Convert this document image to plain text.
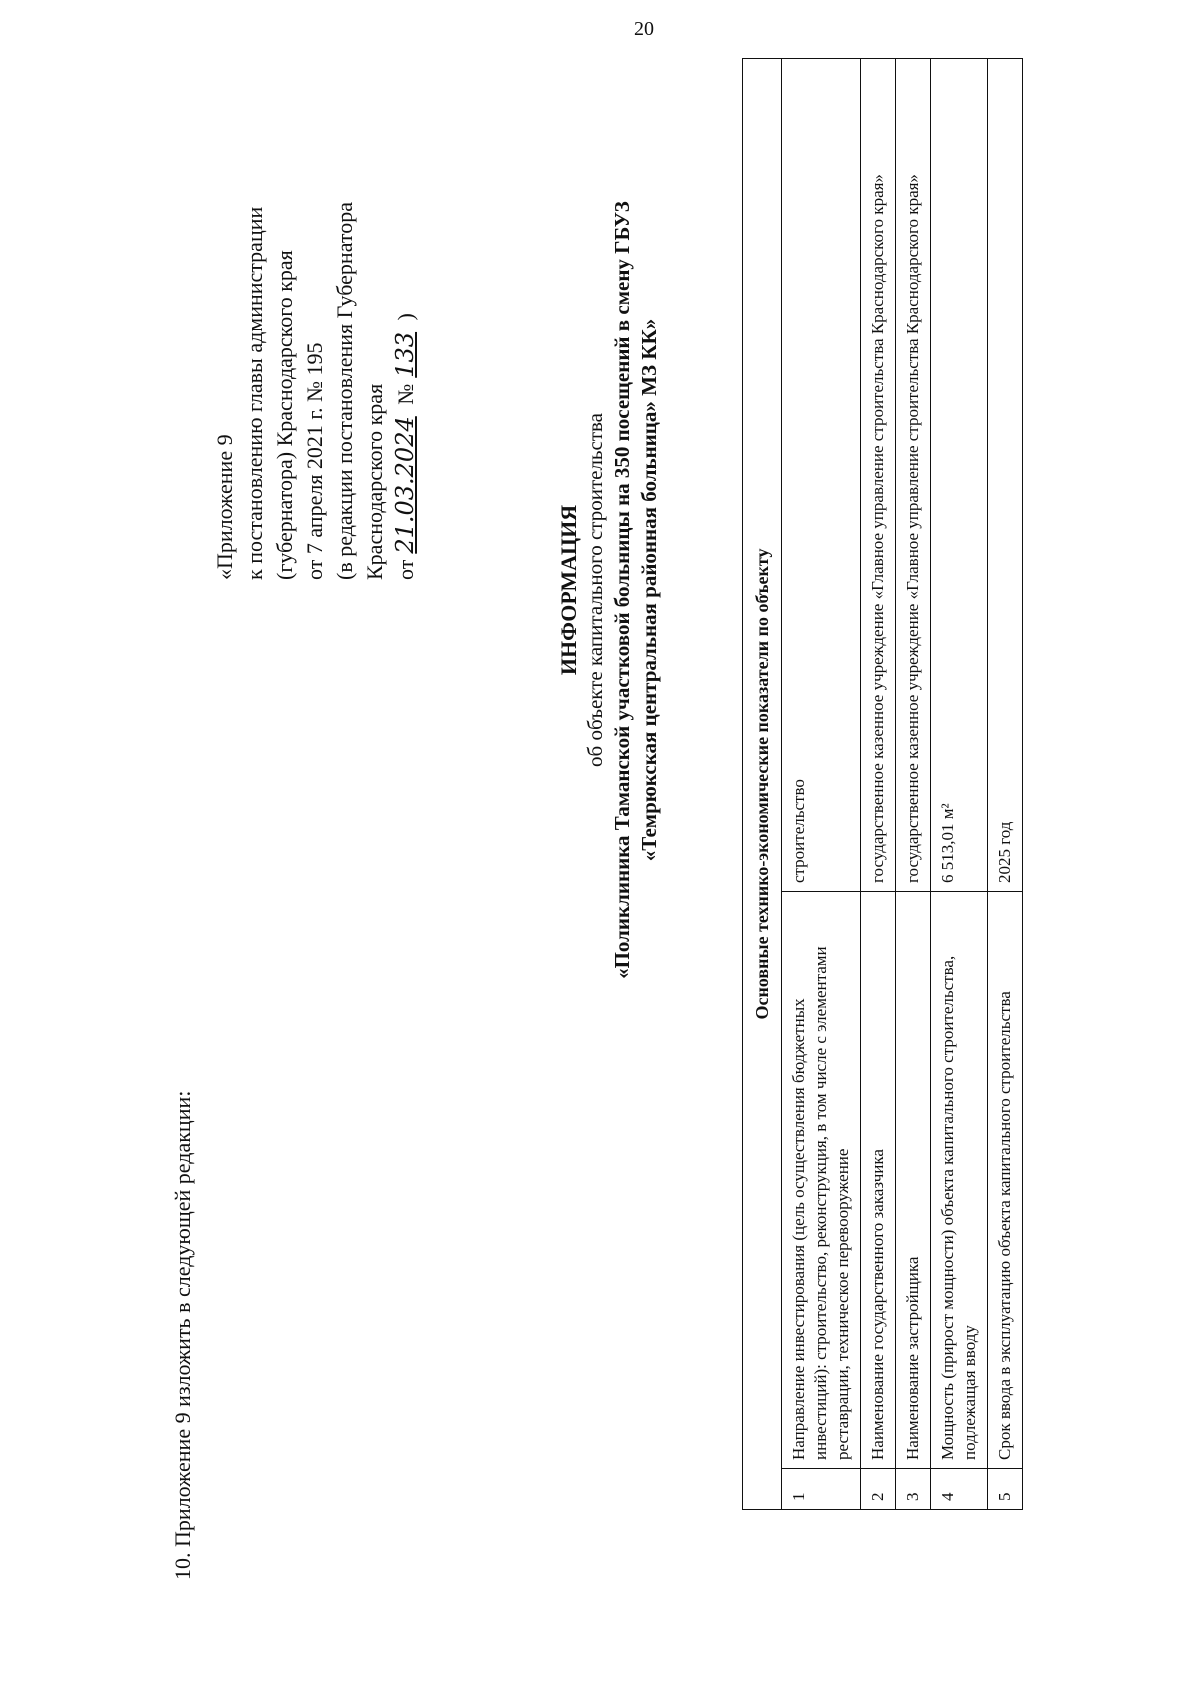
20
10. Приложение 9 изложить в следующей редакции:
«Приложение 9 к постановлению главы администрации (губернатора) Краснодарского края от 7 апреля 2021 г. № 195 (в редакции постановления Губернатора Краснодарского края от21.03.2024 №133 )
ИНФОРМАЦИЯ об объекте капитального строительства «Поликлиника Таманской участковой больницы на 350 посещений в смену ГБУЗ «Темрюкская центральная районная больница» МЗ КК»	Основные технико-экономические показатели по объекту		
1	Направление инвестирования (цель осуществления бюджетных инвестиций): строительство, реконструкция, в том числе с элементами реставрации, техническое перевооружение	строительство
2	Наименование государственного заказчика	государственное казенное учреждение «Главное управление строительства Краснодарского края»
3	Наименование застройщика	государственное казенное учреждение «Главное управление строительства Краснодарского края»
4	Мощность (прирост мощности) объекта капитального строительства, подлежащая вводу	6 513,01 м²
5	Срок ввода в эксплуатацию объекта капитального строительства	2025 год
